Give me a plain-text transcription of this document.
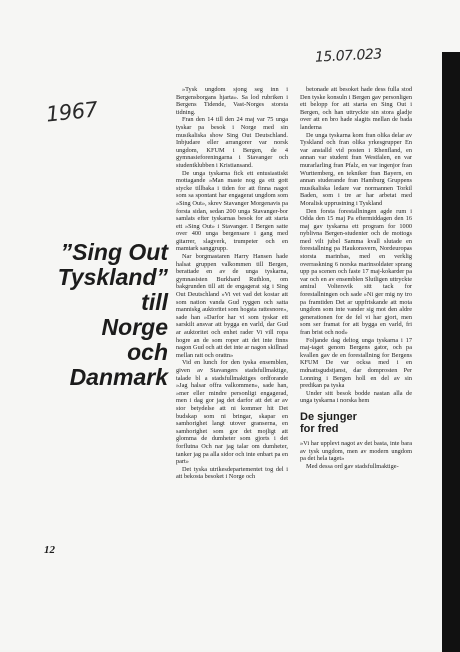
1967
15.07.023
”Sing Out
Tyskland”
till
Norge
och
Danmark
12

»Tysk ungdom sjong seg inn i Bergensborgans hjarta». Sa lod rubriken i Bergens Tidende, Vast-Norges storsta tidning.

Fran den 14 till den 24 maj var 75 unga tyskar pa besok i Norge med sin musikaliska show Sing Out Deutschland. Inbjudare eller arrangorer var norsk ungdom, KFUM i Bergen, de 4 gymnasieforeningarna i Stavanger och studentklubben i Kristiansand.

De unga tyskarna fick ett entusiastiskt mottagande »Man maste nog ga ett gott stycke tillbaka i tiden for att finna nagot som sa spontant har engagerat ungdom som »Sing Out», skrev Stavanger Morgenavis pa forsta sidan, sedan 200 unga Stavanger-bor samlats efter tyskarnas besok for att starta ett »Sing Out» i Stavanger. I Bergen satte over 400 unga bergensare i gang med gitarrer, slagverk, trumpeter och en mamtark sanggrupp.

Nar borgmastaren Harry Hansen hade halsat gruppen valkommen till Bergen, berattade en av de unga tyskarna, gymnasisten Burkhard Ruthlon, om bakgrunden till att de engagerat sig i Sing Out Deutschland »Vi vet vad det kostar att som nation vanda Gud ryggen och satta manniskg auktoritet som hogsta rattesnore», sade han »Darfor har vi som tyskar ett sarskilt ansvar att bygga en varld, dar Gud ar auktoritet och enhet rader Vi vill ropa hogre an de som roper att det inte finns nagon Gud och att det inte ar nagon skillnad mellan ratt och orattn»

Vid en lunch for den tyska ensemblen, given av Stavangers stadsfullmaktige, talade bl a stadsfullmaktiges ordforande »Jag halsar offra valkommen», sade han, »mer eller mindre personligt engagerad, men i dag gor jag det darfor att det ar av stor betydelse att ni kommer hit Det budskap som ni bringar, skapar en samhorighet langt utover granserna, en samhorighet som gor det mojligt att glomma de dumheter som gjorts i det forflutna Och nar jag talar om dumheter, tanker jag pa alla sidor och inte enbart pa en part»

Det tyska utrikesdepartementet tog del i att bekosta besoket i Norge och

betonade att besoket hade dess fulla stod Den tyske konsuln i Bergen gav personligen ett belopp for att starta en Sing Out i Bergen, och han uttryckte sin stora gladje over att en bro hade slagits mellan de bada landerna

De unga tyskarna kom fran olika delar av Tyskland och fran olika yrkesgrupper En var anstalld vid posten i Rhenfland, en annan var student fran Westfalen, en var murarlarling fran Pfalz, en var ingenjor fran Wurttemberg, en tekniker fran Bayern, en annan studerande fran Hamburg Gruppens musikaliska ledare var normannen Torkil Baden, som i tre ar har arbetat med Moralisk upprustning i Tyskland

Den forsta forestallningen agde rum i Odda den 15 maj Pa eftermiddagen den 16 maj gav tyskarna ett program for 1000 nyblivna Bergen-studenter och de mottogs med vilt jubel Samma kvall slutade en forestallning pa Haukonsvern, Nordeuropas storsta marinbas, med en verklig overraskning 6 norska marinsoldater sprang upp pa scenen och faste 17 maj-kokarder pa var och en av ensemblen Slutligen uttryckte amiral Voltersvik sitt tack for forestallningen och sade »Ni ger mig ny tro pa framtiden Det ar uppfriskande att mota ungdom som inte vander sig mot den aldre generationen for de fel vi har gjort, men som ser framat for att bygga en varld, fri fran brist och nod»

Foljande dag deltog unga tyskarna i 17 maj-taget genom Bergens gator, och pa kvallen gav de en forestallning for Bergens KFUM De var ocksa med i en mdnattsgudstjanst, dar domprosten Per Lonning i Bergen holl en del av sin predikan pa tyska

Under sitt besok bodde nastan alla de unga tyskarna i norska hem

De sjunger
for fred

»Vi har upplevt nagot av det basta, inte bara av tysk ungdom, men av modern ungdom pa det hela taget»

Med dessa ord gav stadsfullmaktige-
